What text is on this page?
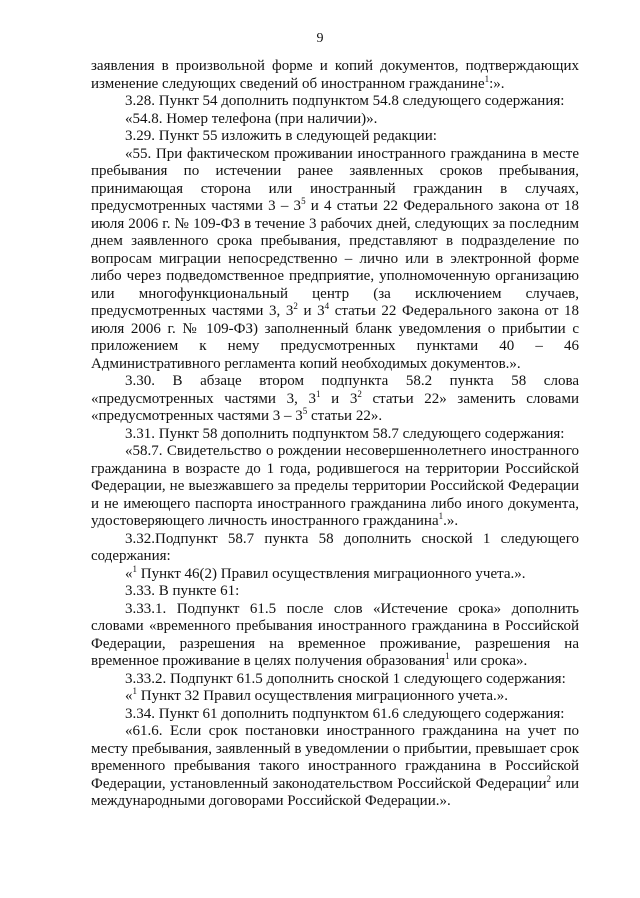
9

заявления в произвольной форме и копий документов, подтверждающих изменение следующих сведений об иностранном гражданине$^1$:».

3.28. Пункт 54 дополнить подпунктом 54.8 следующего содержания:

«54.8. Номер телефона (при наличии)».

3.29. Пункт 55 изложить в следующей редакции:

«55. При фактическом проживании иностранного гражданина в месте пребывания по истечении ранее заявленных сроков пребывания, принимающая сторона или иностранный гражданин в случаях, предусмотренных частями $3 - 3^5$ и 4 статьи 22 Федерального закона от 18 июля 2006 г. № 109-ФЗ в течение 3 рабочих дней, следующих за последним днем заявленного срока пребывания, представляют в подразделение по вопросам миграции непосредственно – лично или в электронной форме либо через подведомственное предприятие, уполномоченную организацию или многофункциональный центр (за исключением случаев, предусмотренных частями 3, $3^2$ и $3^4$ статьи 22 Федерального закона от 18 июля 2006 г. № 109-ФЗ) заполненный бланк уведомления о прибытии с приложением к нему предусмотренных пунктами 40 – 46 Административного регламента копий необходимых документов.».

3.30. В абзаце втором подпункта 58.2 пункта 58 слова «предусмотренных частями 3, $3^1$ и $3^2$ статьи 22» заменить словами «предусмотренных частями $3 - 3^5$ статьи 22».

3.31. Пункт 58 дополнить подпунктом 58.7 следующего содержания:

«58.7. Свидетельство о рождении несовершеннолетнего иностранного гражданина в возрасте до 1 года, родившегося на территории Российской Федерации, не выезжавшего за пределы территории Российской Федерации и не имеющего паспорта иностранного гражданина либо иного документа, удостоверяющего личность иностранного гражданина$^1$.».

3.32.Подпункт 58.7 пункта 58 дополнить сноской 1 следующего содержания:

«$^1$ Пункт 46(2) Правил осуществления миграционного учета.».

3.33. В пункте 61:

3.33.1. Подпункт 61.5 после слов «Истечение срока» дополнить словами «временного пребывания иностранного гражданина в Российской Федерации, разрешения на временное проживание, разрешения на временное проживание в целях получения образования$^1$ или срока».

3.33.2. Подпункт 61.5 дополнить сноской 1 следующего содержания:

«$^1$ Пункт 32 Правил осуществления миграционного учета.».

3.34. Пункт 61 дополнить подпунктом 61.6 следующего содержания:

«61.6. Если срок постановки иностранного гражданина на учет по месту пребывания, заявленный в уведомлении о прибытии, превышает срок временного пребывания такого иностранного гражданина в Российской Федерации, установленный законодательством Российской Федерации$^2$ или международными договорами Российской Федерации.».
